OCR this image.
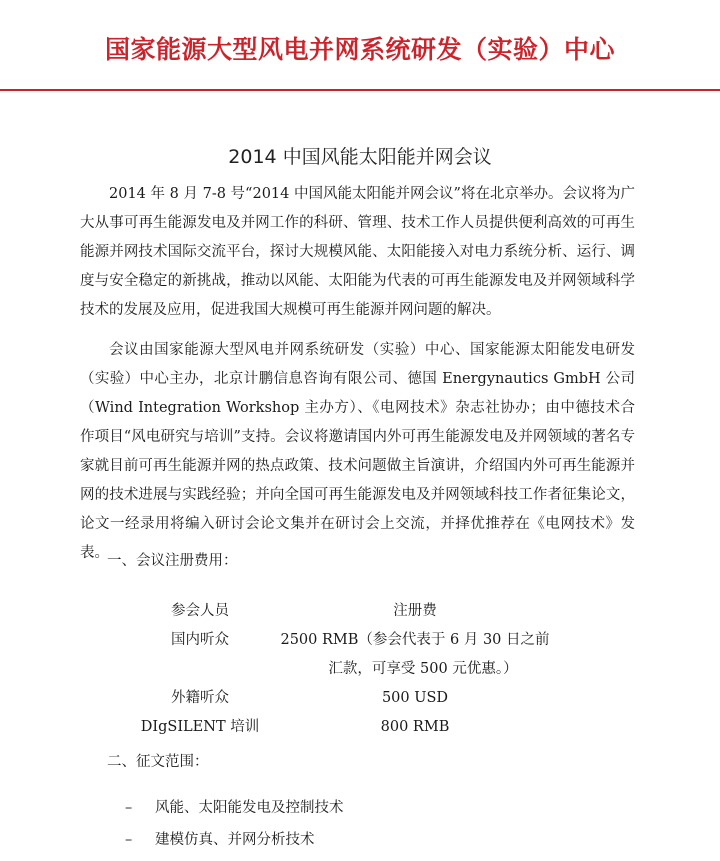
国家能源大型风电并网系统研发（实验）中心
2014 中国风能太阳能并网会议

2014 年 8 月 7-8 号“2014 中国风能太阳能并网会议”将在北京举办。会议将为广大从事可再生能源发电及并网工作的科研、管理、技术工作人员提供便利高效的可再生能源并网技术国际交流平台，探讨大规模风能、太阳能接入对电力系统分析、运行、调度与安全稳定的新挑战，推动以风能、太阳能为代表的可再生能源发电及并网领域科学技术的发展及应用，促进我国大规模可再生能源并网问题的解决。

会议由国家能源大型风电并网系统研发（实验）中心、国家能源太阳能发电研发（实验）中心主办，北京计鹏信息咨询有限公司、德国 Energynautics GmbH 公司（Wind Integration Workshop 主办方）、《电网技术》杂志社协办；由中德技术合作项目“风电研究与培训”支持。会议将邀请国内外可再生能源发电及并网领域的著名专家就目前可再生能源并网的热点政策、技术问题做主旨演讲，介绍国内外可再生能源并网的技术进展与实践经验；并向全国可再生能源发电及并网领域科技工作者征集论文，论文一经录用将编入研讨会论文集并在研讨会上交流，并择优推荐在《电网技术》发表。

一、会议注册费用：
参会人员	注册费
国内听众	2500 RMB（参会代表于 6 月 30 日之前
汇款，可享受 500 元优惠。）
外籍听众	500 USD
DIgSILENT 培训	800 RMB
二、征文范围：
–	风能、太阳能发电及控制技术
–	建模仿真、并网分析技术
